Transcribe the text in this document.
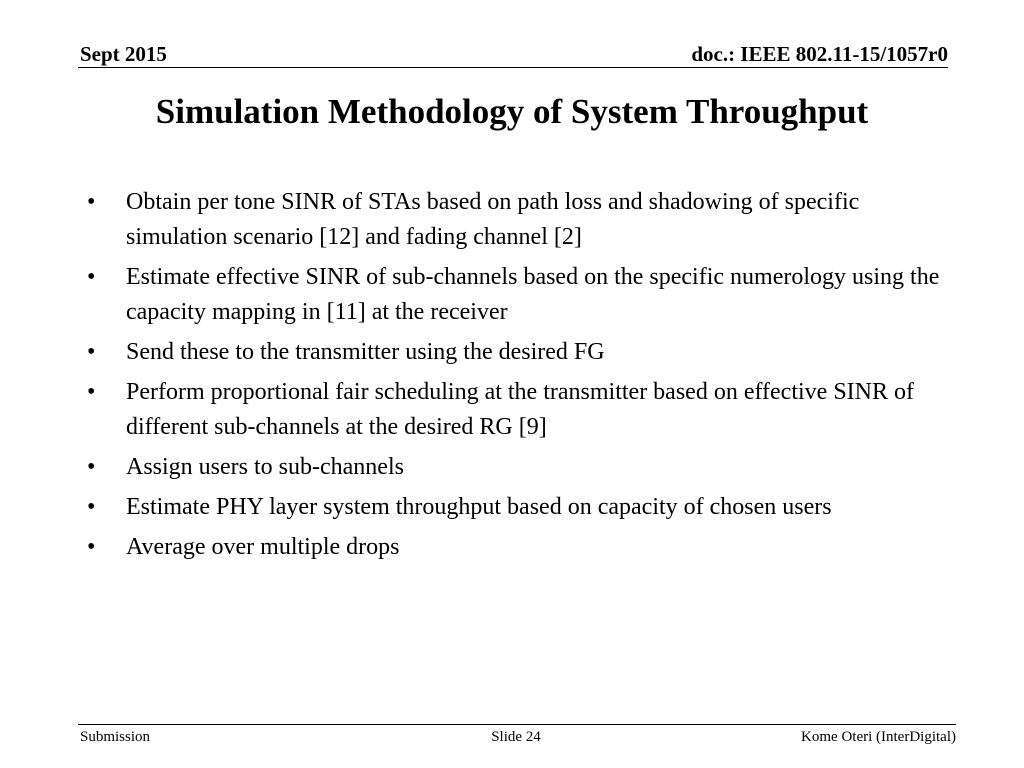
Sept 2015	doc.: IEEE 802.11-15/1057r0
Simulation Methodology of System Throughput
• Obtain per tone SINR of STAs based on path loss and shadowing of specific simulation scenario [12] and fading channel [2]
• Estimate effective SINR of sub-channels based on the specific numerology using the capacity mapping in [11] at the receiver
• Send these to the transmitter using the desired FG
• Perform proportional fair scheduling at the transmitter based on effective SINR of different sub-channels at the desired RG [9]
• Assign users to sub-channels
• Estimate PHY layer system throughput based on capacity of chosen users
• Average over multiple drops
Submission	Slide 24	Kome Oteri (InterDigital)
